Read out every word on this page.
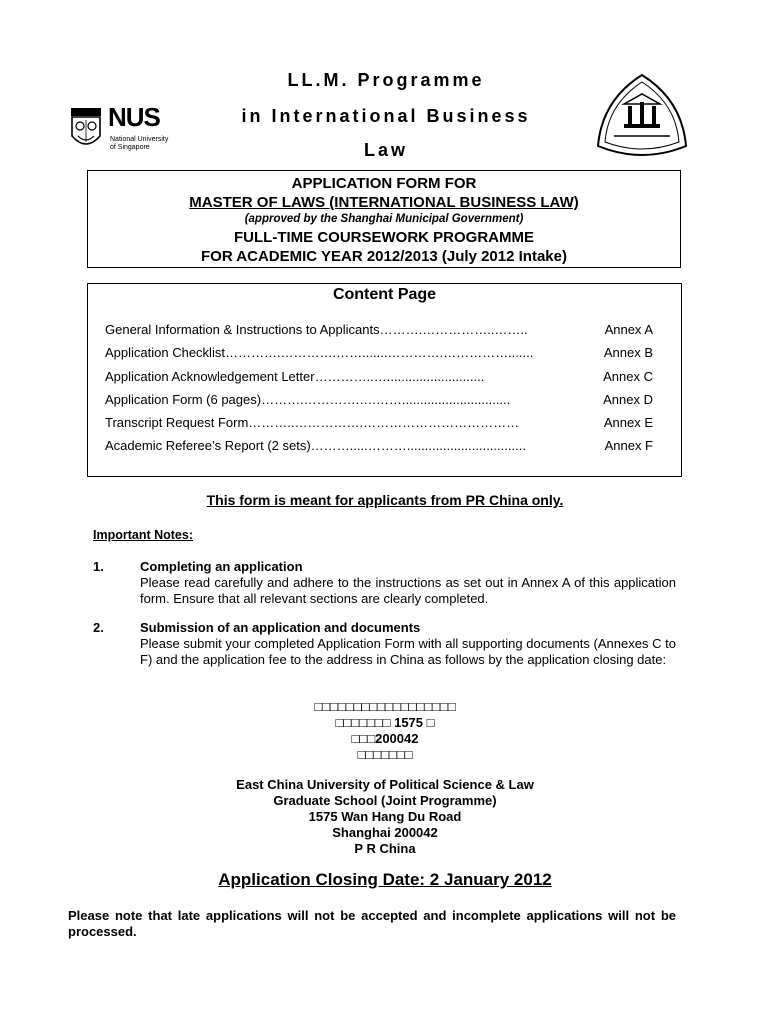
NUS
National University
of Singapore
LL.M. Programme
in International Business
Law
APPLICATION FORM FOR
MASTER OF LAWS (INTERNATIONAL BUSINESS LAW)
(approved by the Shanghai Municipal Government)
FULL-TIME COURSEWORK PROGRAMME
FOR ACADEMIC YEAR 2012/2013 (July 2012 Intake)
Content Page
General Information & Instructions to Applicants……….……………..……..	Annex A
Application Checklist………….………….…….......………….…………….......	Annex B
Application Acknowledgement Letter…………..…...........................	Annex C
Application Form (6 pages)……….………….….……..............................	Annex D
Transcript Request Form………..…………….………………………………	Annex E
Academic Referee’s Report (2 sets)……….....……….................................	Annex F
This form is meant for applicants from PR China only.
Important Notes:
1.	Completing an application
Please read carefully and adhere to the instructions as set out in Annex A of this application form. Ensure that all relevant sections are clearly completed.
2.	Submission of an application and documents
Please submit your completed Application Form with all supporting documents (Annexes C to F) and the application fee to the address in China as follows by the application closing date:
□□□□□□□□□□□□□□□□□□
□□□□□□□ 1575 □
□□□200042
□□□□□□□
East China University of Political Science & Law
Graduate School (Joint Programme)
1575 Wan Hang Du Road
Shanghai 200042
P R China
Application Closing Date: 2 January 2012
Please note that late applications will not be accepted and incomplete applications will not be processed.
